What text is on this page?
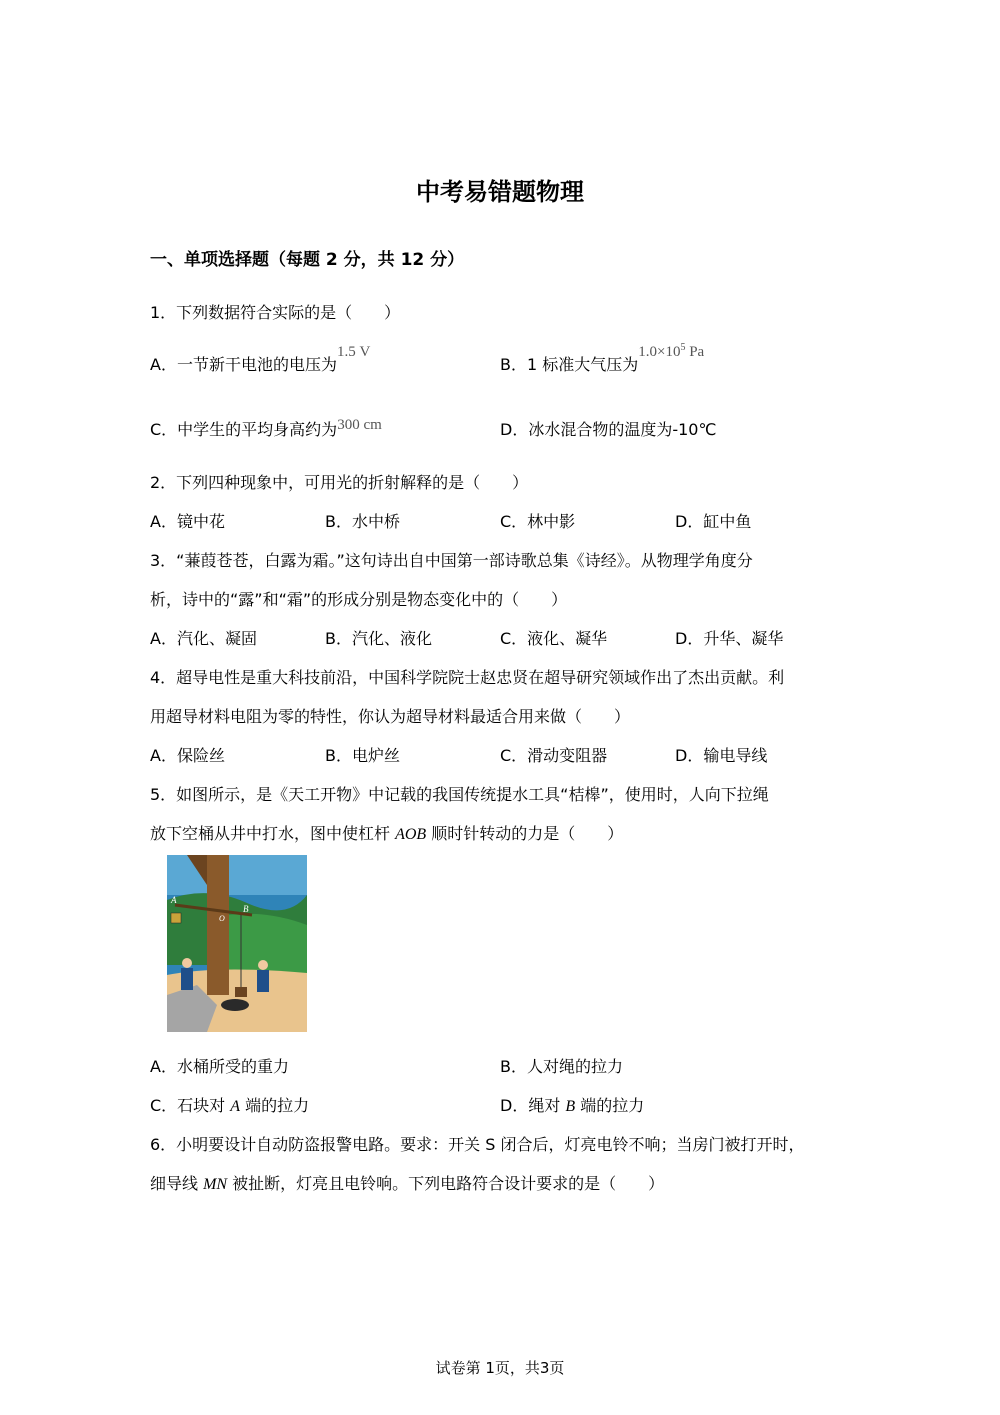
中考易错题物理
一、单项选择题（每题 2 分，共 12 分）
1．下列数据符合实际的是（　　）
A．一节新干电池的电压为1.5 V
B．1 标准大气压为$1.0\times 10^5$ Pa
C．中学生的平均身高约为300 cm	D．冰水混合物的温度为-10℃
2．下列四种现象中，可用光的折射解释的是（　　）
A．镜中花	B．水中桥	C．林中影	D．缸中鱼
3．“蒹葭苍苍，白露为霜。”这句诗出自中国第一部诗歌总集《诗经》。从物理学角度分
析，诗中的“露”和“霜”的形成分别是物态变化中的（　　）
A．汽化、凝固	B．汽化、液化	C．液化、凝华	D．升华、凝华
4．超导电性是重大科技前沿，中国科学院院士赵忠贤在超导研究领域作出了杰出贡献。利
用超导材料电阻为零的特性，你认为超导材料最适合用来做（　　）
A．保险丝	B．电炉丝	C．滑动变阻器	D．输电导线
5．如图所示，是《天工开物》中记载的我国传统提水工具“桔槔”，使用时，人向下拉绳
放下空桶从井中打水，图中使杠杆 AOB 顺时针转动的力是（　　）
A
B
O
A．水桶所受的重力	B．人对绳的拉力
C．石块对 A 端的拉力	D．绳对 B 端的拉力
6．小明要设计自动防盗报警电路。要求：开关 S 闭合后，灯亮电铃不响；当房门被打开时，
细导线 MN 被扯断，灯亮且电铃响。下列电路符合设计要求的是（　　）
试卷第 1页，共3页
